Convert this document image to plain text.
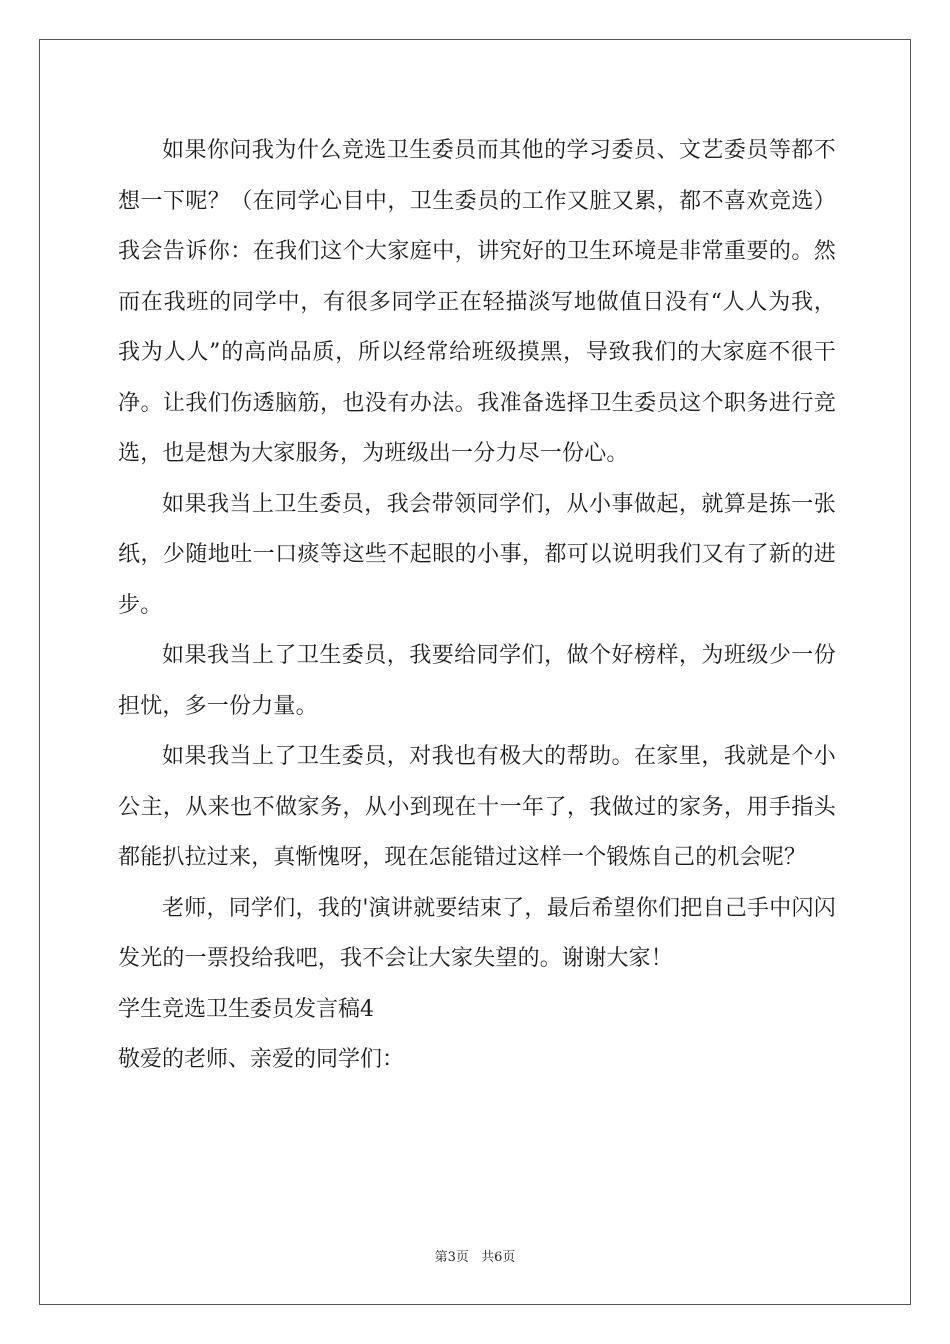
如果你问我为什么竞选卫生委员而其他的学习委员、文艺委员等都不想一下呢？（在同学心目中，卫生委员的工作又脏又累，都不喜欢竞选）我会告诉你：在我们这个大家庭中，讲究好的卫生环境是非常重要的。然而在我班的同学中，有很多同学正在轻描淡写地做值日没有“人人为我，我为人人”的高尚品质，所以经常给班级摸黑，导致我们的大家庭不很干净。让我们伤透脑筋，也没有办法。我准备选择卫生委员这个职务进行竞选，也是想为大家服务，为班级出一分力尽一份心。

如果我当上卫生委员，我会带领同学们，从小事做起，就算是拣一张纸，少随地吐一口痰等这些不起眼的小事，都可以说明我们又有了新的进步。

如果我当上了卫生委员，我要给同学们，做个好榜样，为班级少一份担忧，多一份力量。

如果我当上了卫生委员，对我也有极大的帮助。在家里，我就是个小公主，从来也不做家务，从小到现在十一年了，我做过的家务，用手指头都能扒拉过来，真惭愧呀，现在怎能错过这样一个锻炼自己的机会呢？

老师，同学们，我的'演讲就要结束了，最后希望你们把自己手中闪闪发光的一票投给我吧，我不会让大家失望的。谢谢大家！

学生竞选卫生委员发言稿4

敬爱的老师、亲爱的同学们：

第3页 共6页
